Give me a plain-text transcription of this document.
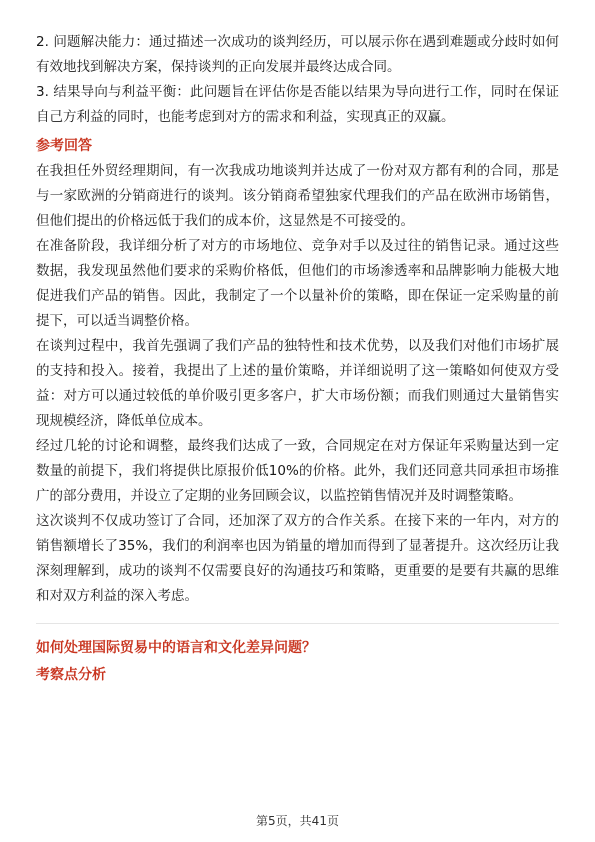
2. 问题解决能力：通过描述一次成功的谈判经历，可以展示你在遇到难题或分歧时如何有效地找到解决方案，保持谈判的正向发展并最终达成合同。

3. 结果导向与利益平衡：此问题旨在评估你是否能以结果为导向进行工作，同时在保证自己方利益的同时，也能考虑到对方的需求和利益，实现真正的双赢。

参考回答

在我担任外贸经理期间，有一次我成功地谈判并达成了一份对双方都有利的合同，那是与一家欧洲的分销商进行的谈判。该分销商希望独家代理我们的产品在欧洲市场销售，但他们提出的价格远低于我们的成本价，这显然是不可接受的。

在准备阶段，我详细分析了对方的市场地位、竞争对手以及过往的销售记录。通过这些数据，我发现虽然他们要求的采购价格低，但他们的市场渗透率和品牌影响力能极大地促进我们产品的销售。因此，我制定了一个以量补价的策略，即在保证一定采购量的前提下，可以适当调整价格。

在谈判过程中，我首先强调了我们产品的独特性和技术优势，以及我们对他们市场扩展的支持和投入。接着，我提出了上述的量价策略，并详细说明了这一策略如何使双方受益：对方可以通过较低的单价吸引更多客户，扩大市场份额；而我们则通过大量销售实现规模经济，降低单位成本。

经过几轮的讨论和调整，最终我们达成了一致，合同规定在对方保证年采购量达到一定数量的前提下，我们将提供比原报价低10%的价格。此外，我们还同意共同承担市场推广的部分费用，并设立了定期的业务回顾会议，以监控销售情况并及时调整策略。

这次谈判不仅成功签订了合同，还加深了双方的合作关系。在接下来的一年内，对方的销售额增长了35%，我们的利润率也因为销量的增加而得到了显著提升。这次经历让我深刻理解到，成功的谈判不仅需要良好的沟通技巧和策略，更重要的是要有共赢的思维和对双方利益的深入考虑。

如何处理国际贸易中的语言和文化差异问题？

考察点分析

第5页，共41页
